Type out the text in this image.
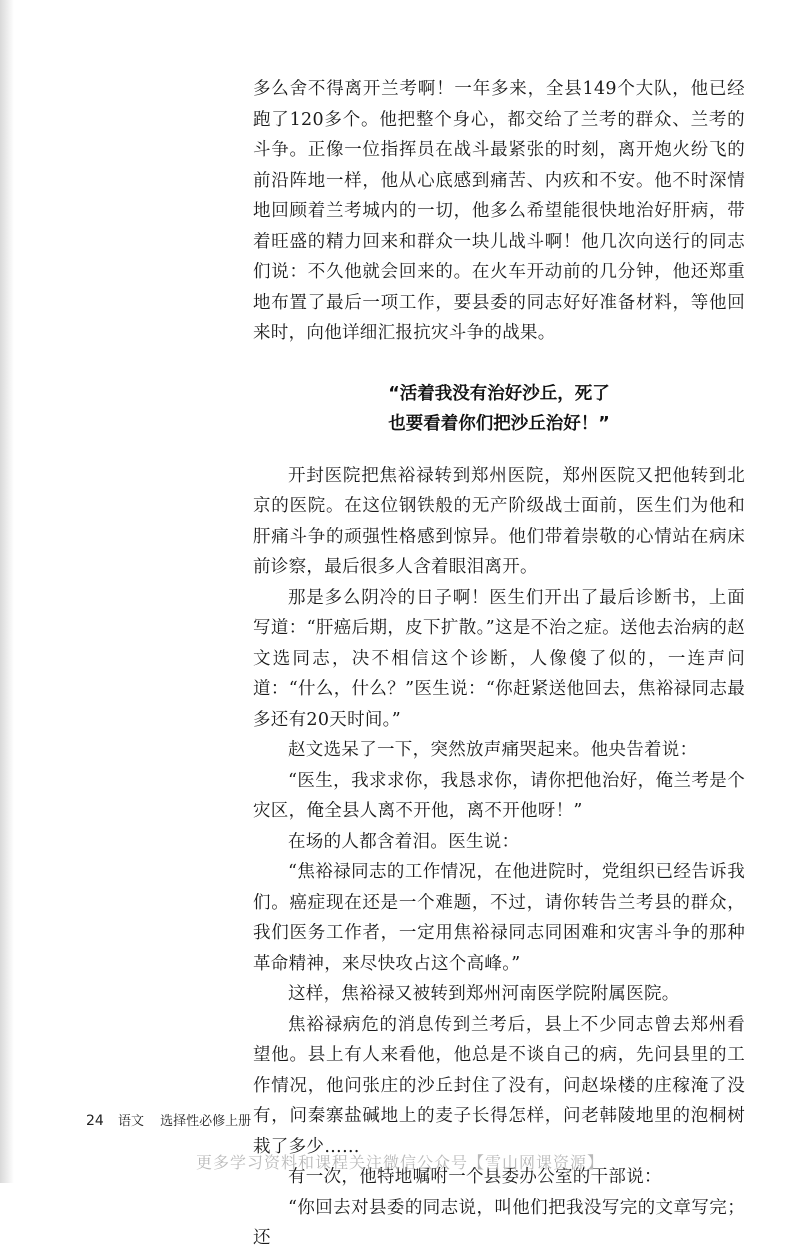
多么舍不得离开兰考啊！一年多来，全县149个大队，他已经跑了120多个。他把整个身心，都交给了兰考的群众、兰考的斗争。正像一位指挥员在战斗最紧张的时刻，离开炮火纷飞的前沿阵地一样，他从心底感到痛苦、内疚和不安。他不时深情地回顾着兰考城内的一切，他多么希望能很快地治好肝病，带着旺盛的精力回来和群众一块儿战斗啊！他几次向送行的同志们说：不久他就会回来的。在火车开动前的几分钟，他还郑重地布置了最后一项工作，要县委的同志好好准备材料，等他回来时，向他详细汇报抗灾斗争的战果。

“活着我没有治好沙丘，死了
也要看着你们把沙丘治好！”

开封医院把焦裕禄转到郑州医院，郑州医院又把他转到北京的医院。在这位钢铁般的无产阶级战士面前，医生们为他和肝痛斗争的顽强性格感到惊异。他们带着崇敬的心情站在病床前诊察，最后很多人含着眼泪离开。

那是多么阴冷的日子啊！医生们开出了最后诊断书，上面写道：“肝癌后期，皮下扩散。”这是不治之症。送他去治病的赵文选同志，决不相信这个诊断，人像傻了似的，一连声问道：“什么，什么？”医生说：“你赶紧送他回去，焦裕禄同志最多还有20天时间。”

赵文选呆了一下，突然放声痛哭起来。他央告着说：

“医生，我求求你，我恳求你，请你把他治好，俺兰考是个灾区，俺全县人离不开他，离不开他呀！”

在场的人都含着泪。医生说：

“焦裕禄同志的工作情况，在他进院时，党组织已经告诉我们。癌症现在还是一个难题，不过，请你转告兰考县的群众，我们医务工作者，一定用焦裕禄同志同困难和灾害斗争的那种革命精神，来尽快攻占这个高峰。”

这样，焦裕禄又被转到郑州河南医学院附属医院。

焦裕禄病危的消息传到兰考后，县上不少同志曾去郑州看望他。县上有人来看他，他总是不谈自己的病，先问县里的工作情况，他问张庄的沙丘封住了没有，问赵垛楼的庄稼淹了没有，问秦寨盐碱地上的麦子长得怎样，问老韩陵地里的泡桐树栽了多少……

有一次，他特地嘱咐一个县委办公室的干部说：

“你回去对县委的同志说，叫他们把我没写完的文章写完；还

24 语文 选择性必修上册
更多学习资料和课程关注微信公众号【雪山网课资源】
